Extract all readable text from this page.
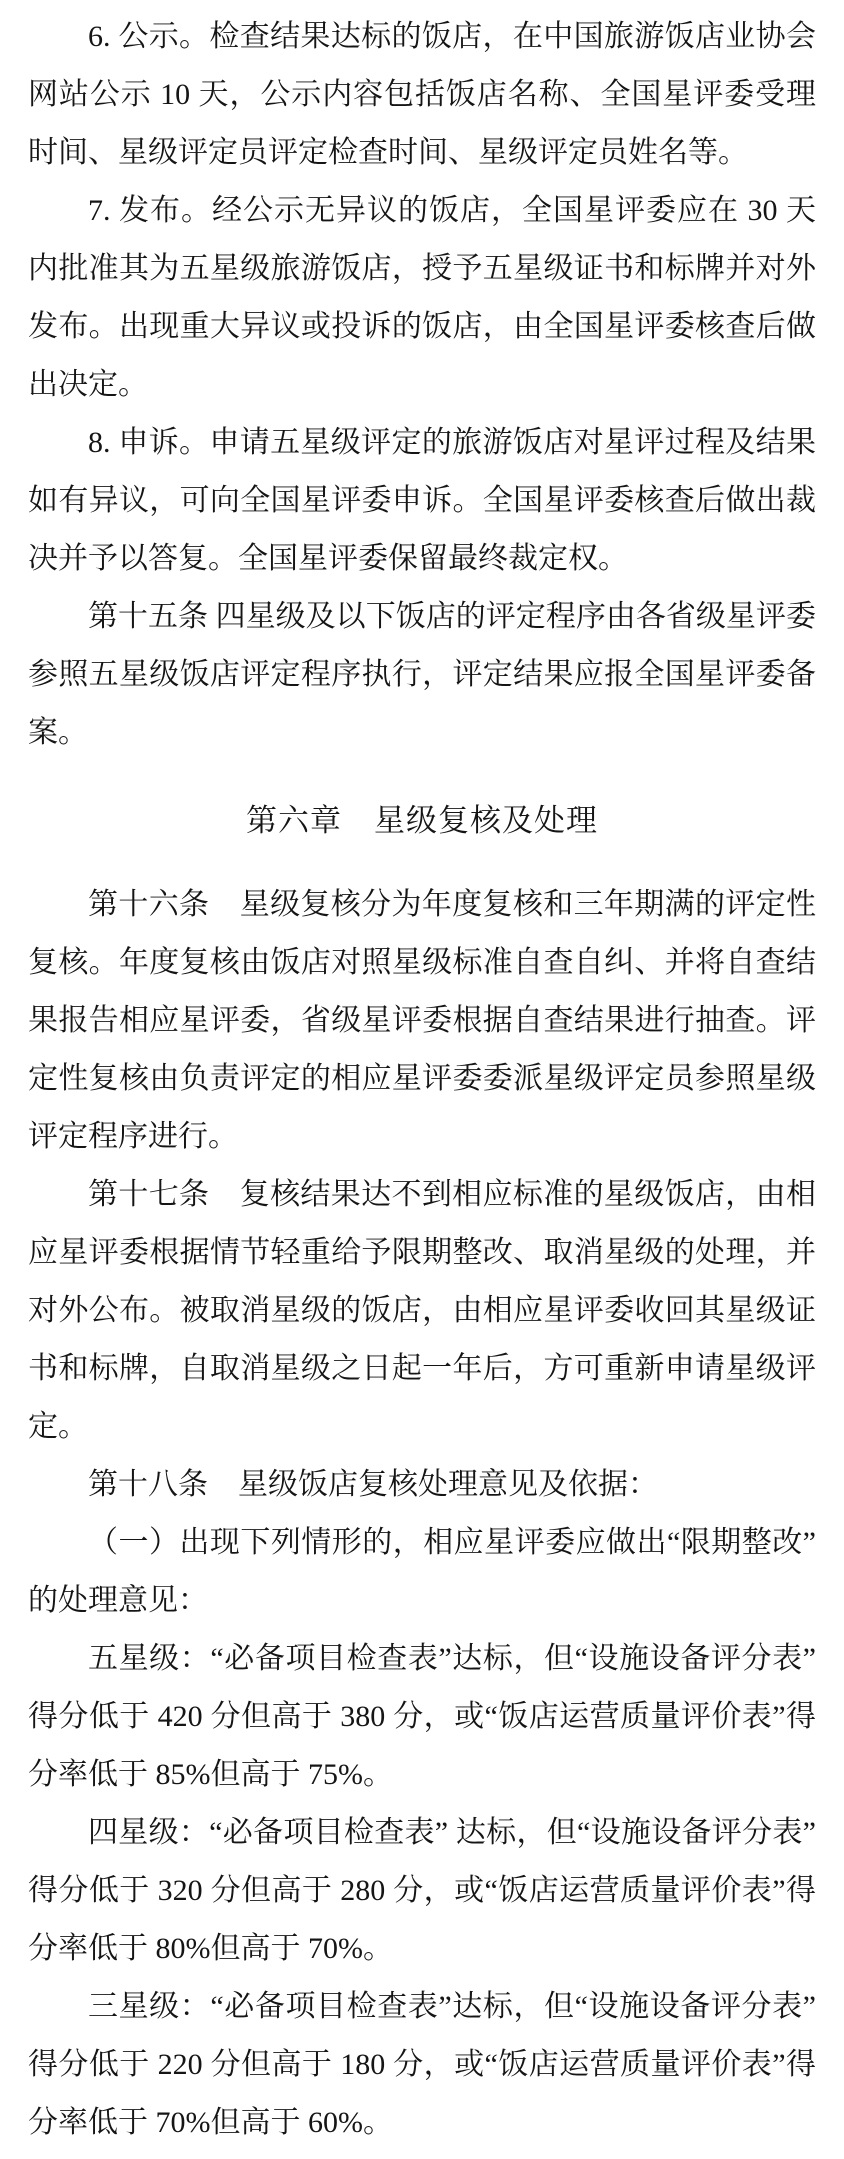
6. 公示。检查结果达标的饭店，在中国旅游饭店业协会网站公示 10 天，公示内容包括饭店名称、全国星评委受理时间、星级评定员评定检查时间、星级评定员姓名等。

7. 发布。经公示无异议的饭店，全国星评委应在 30 天内批准其为五星级旅游饭店，授予五星级证书和标牌并对外发布。出现重大异议或投诉的饭店，由全国星评委核查后做出决定。

8. 申诉。申请五星级评定的旅游饭店对星评过程及结果如有异议，可向全国星评委申诉。全国星评委核查后做出裁决并予以答复。全国星评委保留最终裁定权。

第十五条 四星级及以下饭店的评定程序由各省级星评委参照五星级饭店评定程序执行，评定结果应报全国星评委备案。

第六章　星级复核及处理

第十六条　星级复核分为年度复核和三年期满的评定性复核。年度复核由饭店对照星级标准自查自纠、并将自查结果报告相应星评委，省级星评委根据自查结果进行抽查。评定性复核由负责评定的相应星评委委派星级评定员参照星级评定程序进行。

第十七条　复核结果达不到相应标准的星级饭店，由相应星评委根据情节轻重给予限期整改、取消星级的处理，并对外公布。被取消星级的饭店，由相应星评委收回其星级证书和标牌，自取消星级之日起一年后，方可重新申请星级评定。

第十八条　星级饭店复核处理意见及依据：

（一）出现下列情形的，相应星评委应做出“限期整改”的处理意见：

五星级：“必备项目检查表”达标，但“设施设备评分表”得分低于 420 分但高于 380 分，或“饭店运营质量评价表”得分率低于 85%但高于 75%。

四星级：“必备项目检查表” 达标，但“设施设备评分表”得分低于 320 分但高于 280 分，或“饭店运营质量评价表”得分率低于 80%但高于 70%。

三星级：“必备项目检查表”达标，但“设施设备评分表”得分低于 220 分但高于 180 分，或“饭店运营质量评价表”得分率低于 70%但高于 60%。
